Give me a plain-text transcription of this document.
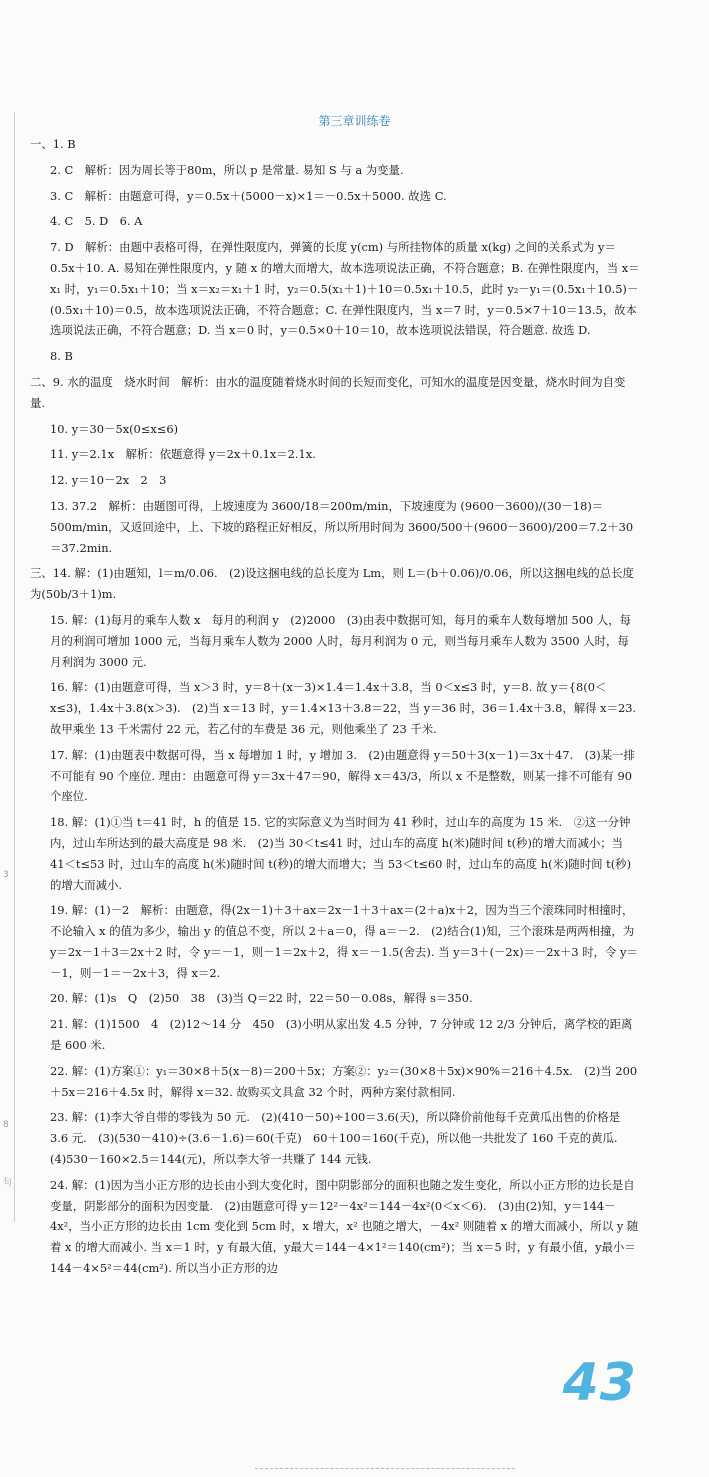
3
8
句
第三章训练卷

一、1. B

2. C　解析：因为周长等于80m，所以 p 是常量. 易知 S 与 a 为变量.

3. C　解析：由题意可得，y＝0.5x＋(5000－x)×1＝－0.5x＋5000. 故选 C.

4. C　5. D　6. A

7. D　解析：由题中表格可得，在弹性限度内，弹簧的长度 y(cm) 与所挂物体的质量 x(kg) 之间的关系式为 y＝0.5x＋10. A. 易知在弹性限度内，y 随 x 的增大而增大，故本选项说法正确，不符合题意；B. 在弹性限度内，当 x＝x₁ 时，y₁＝0.5x₁＋10；当 x＝x₂＝x₁＋1 时，y₂＝0.5(x₁＋1)＋10＝0.5x₁＋10.5，此时 y₂－y₁＝(0.5x₁＋10.5)－(0.5x₁＋10)＝0.5，故本选项说法正确，不符合题意；C. 在弹性限度内，当 x＝7 时，y＝0.5×7＋10＝13.5，故本选项说法正确，不符合题意；D. 当 x＝0 时，y＝0.5×0＋10＝10，故本选项说法错误，符合题意. 故选 D.

8. B

二、9. 水的温度　烧水时间　解析：由水的温度随着烧水时间的长短而变化，可知水的温度是因变量，烧水时间为自变量.

10. y＝30－5x(0≤x≤6)

11. y＝2.1x　解析：依题意得 y＝2x＋0.1x＝2.1x.

12. y＝10－2x　2　3

13. 37.2　解析：由题图可得，上坡速度为 3600/18＝200m/min，下坡速度为 (9600－3600)/(30－18)＝500m/min，又返回途中，上、下坡的路程正好相反，所以所用时间为 3600/500＋(9600－3600)/200＝7.2＋30＝37.2min.

三、14. 解：(1)由题知，l＝m/0.06.　(2)设这捆电线的总长度为 Lm，则 L＝(b＋0.06)/0.06，所以这捆电线的总长度为(50b/3＋1)m.

15. 解：(1)每月的乘车人数 x　每月的利润 y　(2)2000　(3)由表中数据可知，每月的乘车人数每增加 500 人，每月的利润可增加 1000 元，当每月乘车人数为 2000 人时，每月利润为 0 元，则当每月乘车人数为 3500 人时，每月利润为 3000 元.

16. 解：(1)由题意可得，当 x＞3 时，y＝8＋(x－3)×1.4＝1.4x＋3.8，当 0＜x≤3 时，y＝8. 故 y＝{8(0＜x≤3)，1.4x＋3.8(x＞3).　(2)当 x＝13 时，y＝1.4×13＋3.8＝22，当 y＝36 时，36＝1.4x＋3.8，解得 x＝23. 故甲乘坐 13 千米需付 22 元，若乙付的车费是 36 元，则他乘坐了 23 千米.

17. 解：(1)由题表中数据可得，当 x 每增加 1 时，y 增加 3.　(2)由题意得 y＝50＋3(x－1)＝3x＋47.　(3)某一排不可能有 90 个座位. 理由：由题意可得 y＝3x＋47＝90，解得 x＝43/3，所以 x 不是整数，则某一排不可能有 90 个座位.

18. 解：(1)①当 t＝41 时，h 的值是 15. 它的实际意义为当时间为 41 秒时，过山车的高度为 15 米.　②这一分钟内，过山车所达到的最大高度是 98 米.　(2)当 30＜t≤41 时，过山车的高度 h(米)随时间 t(秒)的增大而减小；当 41＜t≤53 时，过山车的高度 h(米)随时间 t(秒)的增大而增大；当 53＜t≤60 时，过山车的高度 h(米)随时间 t(秒)的增大而减小.

19. 解：(1)－2　解析：由题意，得(2x－1)＋3＋ax＝2x－1＋3＋ax＝(2＋a)x＋2，因为当三个滚珠同时相撞时，不论输入 x 的值为多少，输出 y 的值总不变，所以 2＋a＝0，得 a＝－2.　(2)结合(1)知，三个滚珠是两两相撞，为 y＝2x－1＋3＝2x＋2 时，令 y＝－1，则－1＝2x＋2，得 x＝－1.5(舍去). 当 y＝3＋(－2x)＝－2x＋3 时，令 y＝－1，则－1＝－2x＋3，得 x＝2.

20. 解：(1)s　Q　(2)50　38　(3)当 Q＝22 时，22＝50－0.08s，解得 s＝350.

21. 解：(1)1500　4　(2)12～14 分　450　(3)小明从家出发 4.5 分钟，7 分钟或 12 2/3 分钟后，离学校的距离是 600 米.

22. 解：(1)方案①：y₁＝30×8＋5(x－8)＝200＋5x；方案②：y₂＝(30×8＋5x)×90%＝216＋4.5x.　(2)当 200＋5x＝216＋4.5x 时，解得 x＝32. 故购买文具盒 32 个时，两种方案付款相同.

23. 解：(1)李大爷自带的零钱为 50 元.　(2)(410－50)÷100＝3.6(天)，所以降价前他每千克黄瓜出售的价格是 3.6 元.　(3)(530－410)÷(3.6－1.6)＝60(千克)　60＋100＝160(千克)，所以他一共批发了 160 千克的黄瓜.　(4)530－160×2.5＝144(元)，所以李大爷一共赚了 144 元钱.

24. 解：(1)因为当小正方形的边长由小到大变化时，图中阴影部分的面积也随之发生变化，所以小正方形的边长是自变量，阴影部分的面积为因变量.　(2)由题意可得 y＝12²－4x²＝144－4x²(0＜x＜6).　(3)由(2)知，y＝144－4x²，当小正方形的边长由 1cm 变化到 5cm 时，x 增大，x² 也随之增大，－4x² 则随着 x 的增大而减小，所以 y 随着 x 的增大而减小. 当 x＝1 时，y 有最大值，y最大＝144－4×1²＝140(cm²)；当 x＝5 时，y 有最小值，y最小＝144－4×5²＝44(cm²). 所以当小正方形的边

43
